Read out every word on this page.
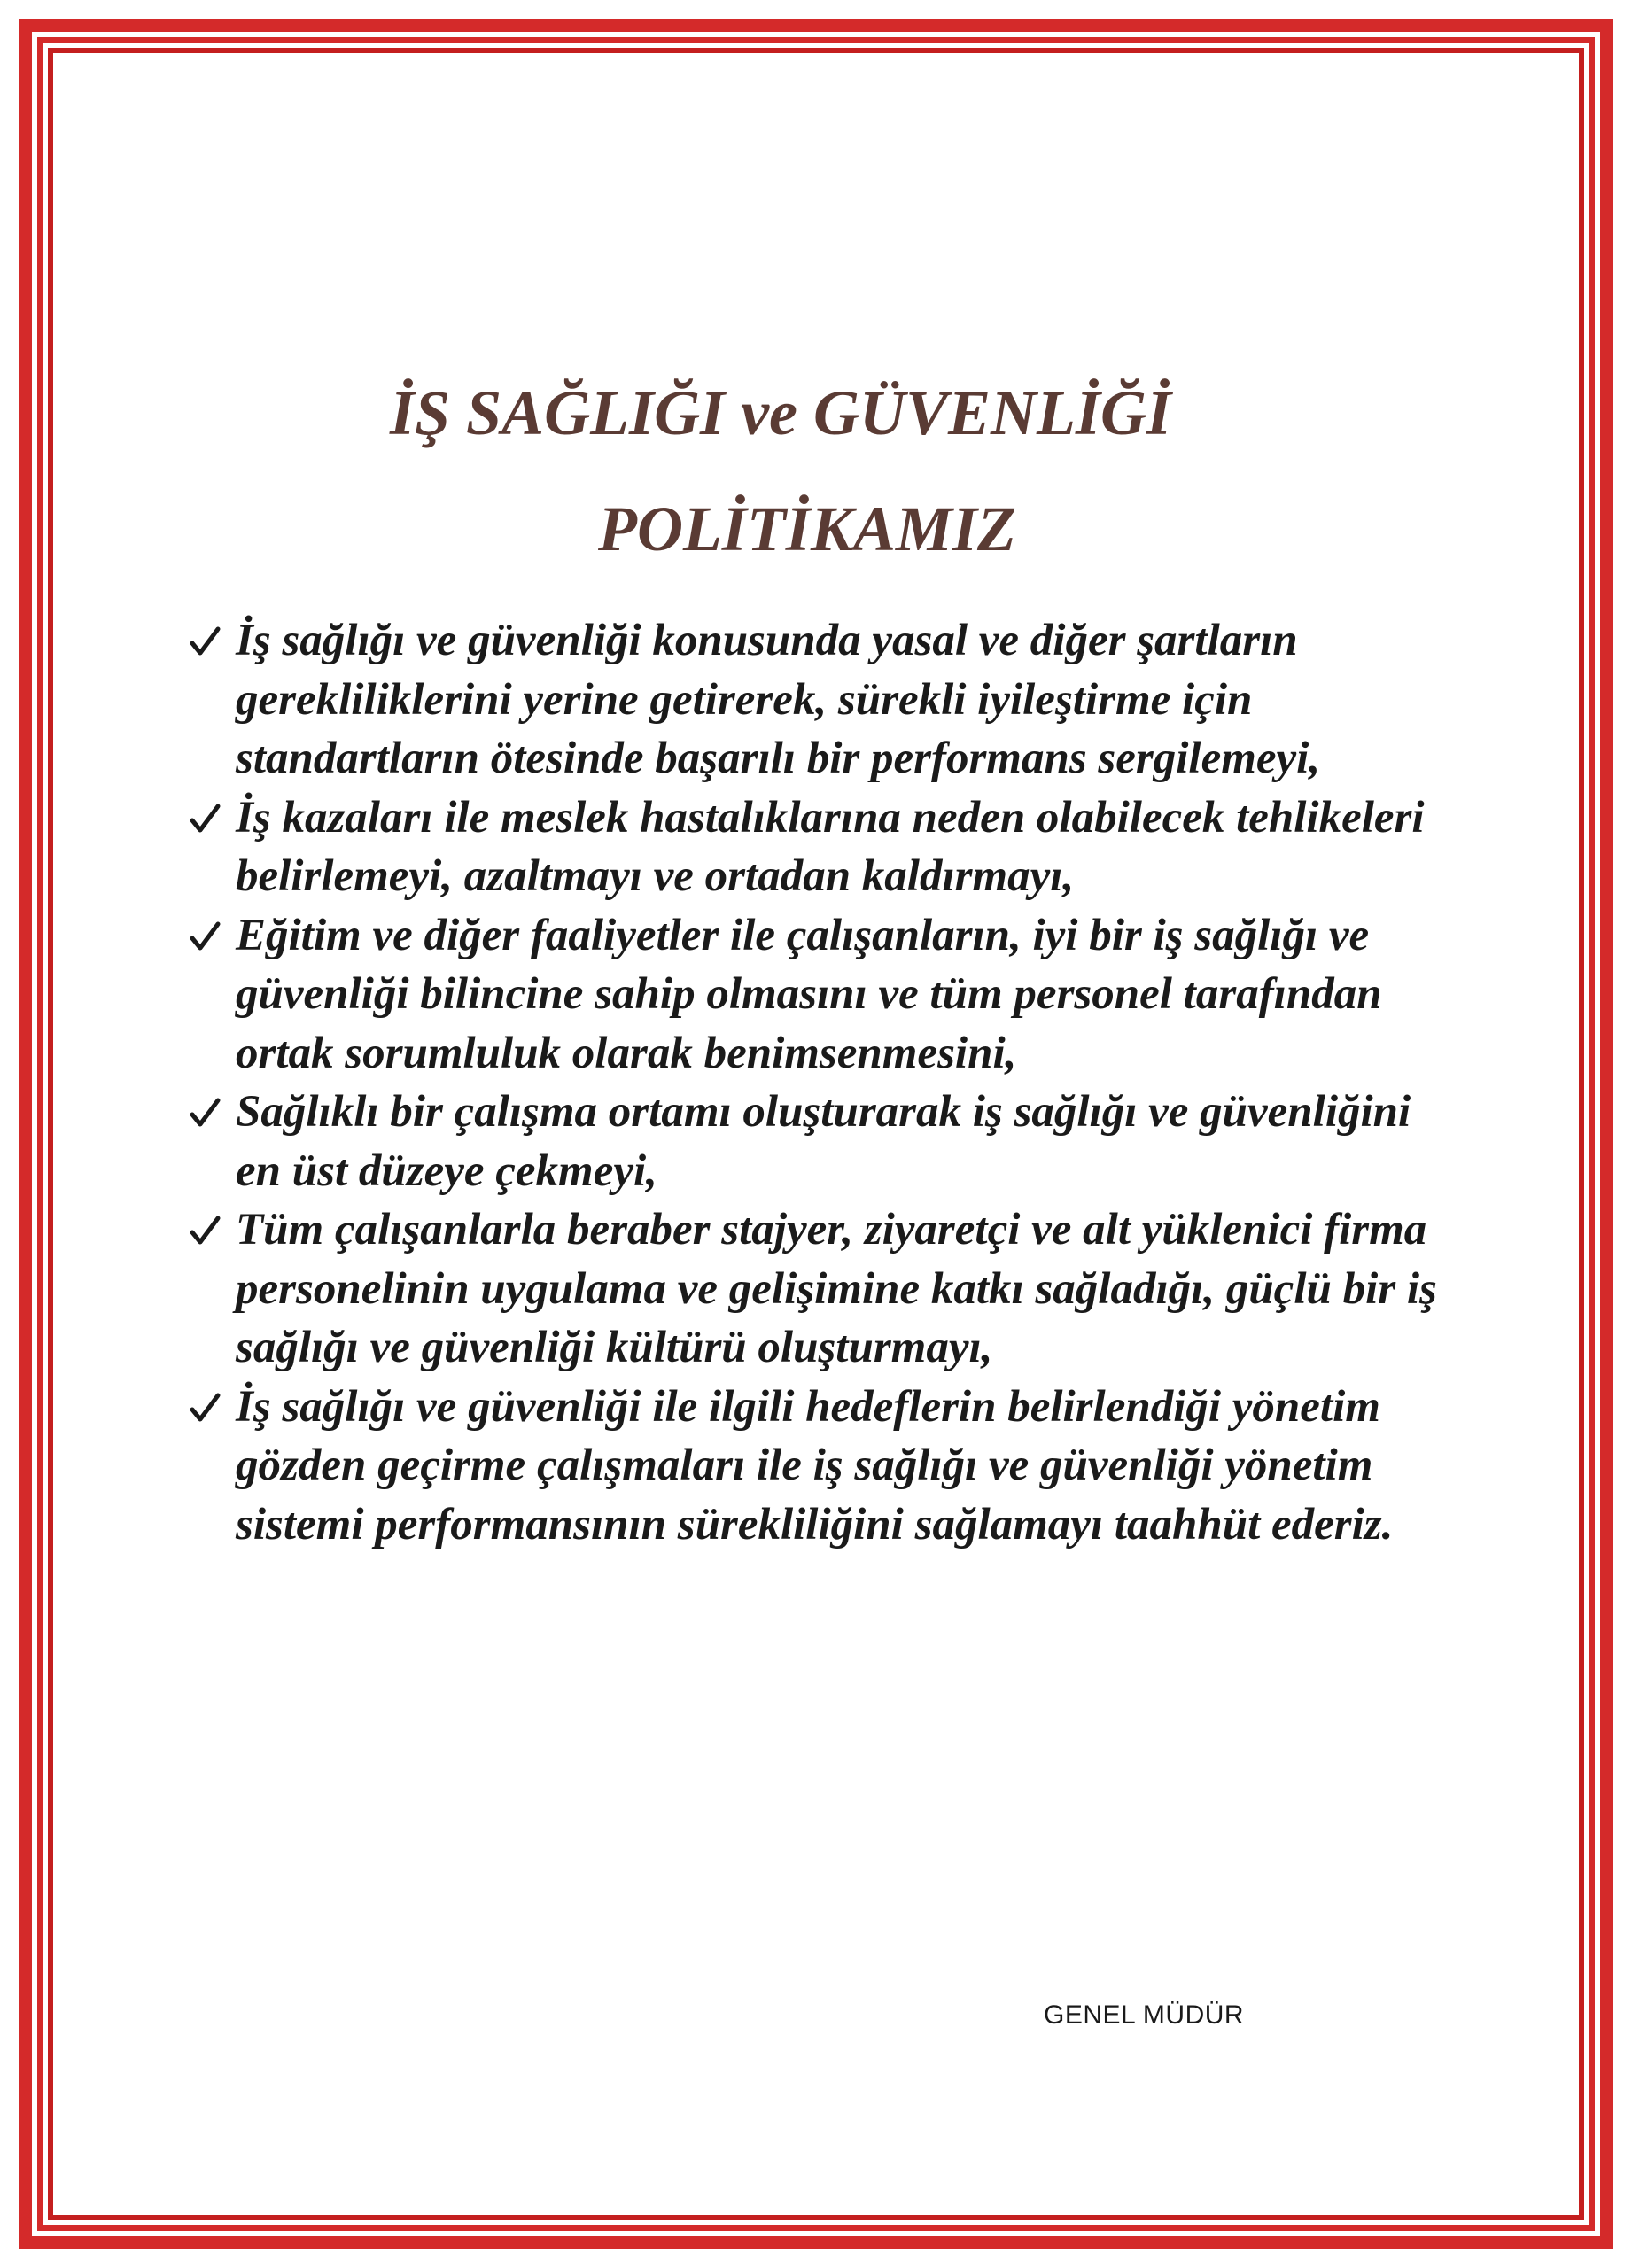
İŞ SAĞLIĞI ve GÜVENLİĞİ
POLİTİKAMIZ
İş sağlığı ve güvenliği konusunda yasal ve diğer şartların gerekliliklerini yerine getirerek, sürekli iyileştirme için standartların ötesinde başarılı bir performans sergilemeyi,
İş kazaları ile meslek hastalıklarına neden olabilecek tehlikeleri belirlemeyi, azaltmayı ve ortadan kaldırmayı,
Eğitim ve diğer faaliyetler ile çalışanların, iyi bir iş sağlığı ve güvenliği bilincine sahip olmasını ve tüm personel tarafından ortak sorumluluk olarak benimsenmesini,
Sağlıklı bir çalışma ortamı oluşturarak iş sağlığı ve güvenliğini en üst düzeye çekmeyi,
Tüm çalışanlarla beraber stajyer, ziyaretçi ve alt yüklenici firma personelinin uygulama ve gelişimine katkı sağladığı, güçlü bir iş sağlığı ve güvenliği kültürü oluşturmayı,
İş sağlığı ve güvenliği ile ilgili hedeflerin belirlendiği yönetim gözden geçirme çalışmaları ile iş sağlığı ve güvenliği yönetim sistemi performansının sürekliliğini sağlamayı taahhüt ederiz.

GENEL MÜDÜR
